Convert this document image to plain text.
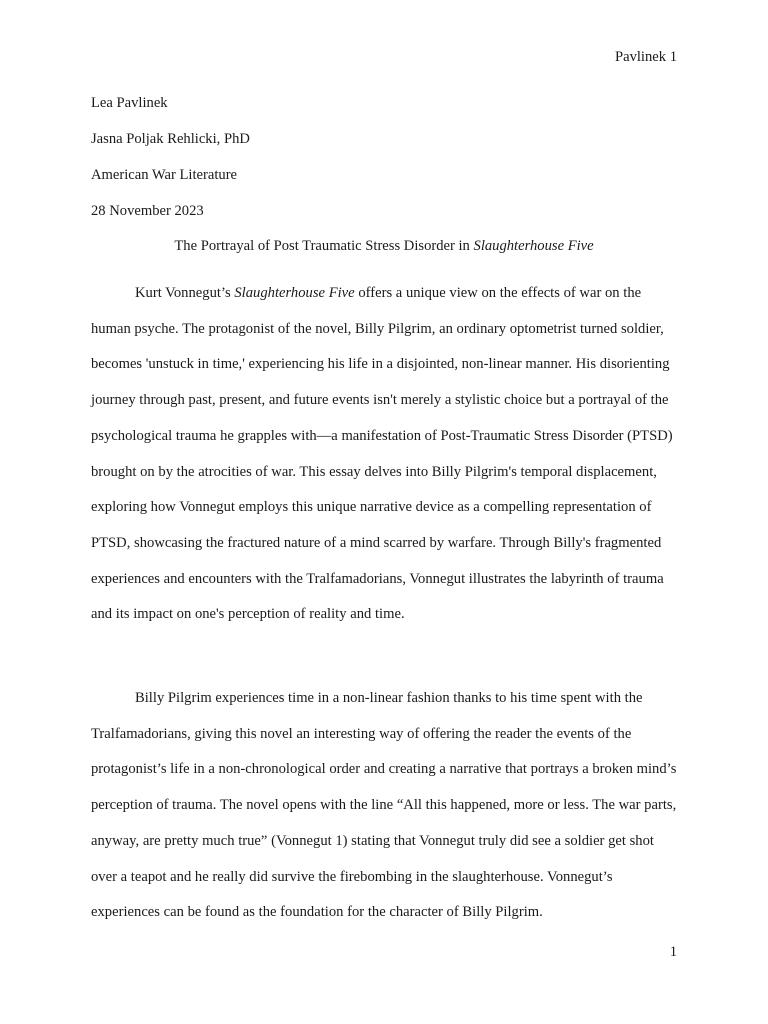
Pavlinek 1
Lea Pavlinek
Jasna Poljak Rehlicki, PhD
American War Literature
28 November 2023
The Portrayal of Post Traumatic Stress Disorder in Slaughterhouse Five

Kurt Vonnegut’s Slaughterhouse Five offers a unique view on the effects of war on the human psyche. The protagonist of the novel, Billy Pilgrim, an ordinary optometrist turned soldier, becomes 'unstuck in time,' experiencing his life in a disjointed, non-linear manner. His disorienting journey through past, present, and future events isn't merely a stylistic choice but a portrayal of the psychological trauma he grapples with—a manifestation of Post-Traumatic Stress Disorder (PTSD) brought on by the atrocities of war. This essay delves into Billy Pilgrim's temporal displacement, exploring how Vonnegut employs this unique narrative device as a compelling representation of PTSD, showcasing the fractured nature of a mind scarred by warfare. Through Billy's fragmented experiences and encounters with the Tralfamadorians, Vonnegut illustrates the labyrinth of trauma and its impact on one's perception of reality and time.

Billy Pilgrim experiences time in a non-linear fashion thanks to his time spent with the Tralfamadorians, giving this novel an interesting way of offering the reader the events of the protagonist’s life in a non-chronological order and creating a narrative that portrays a broken mind’s perception of trauma. The novel opens with the line “All this happened, more or less. The war parts, anyway, are pretty much true” (Vonnegut 1) stating that Vonnegut truly did see a soldier get shot over a teapot and he really did survive the firebombing in the slaughterhouse. Vonnegut’s experiences can be found as the foundation for the character of Billy Pilgrim.

1
